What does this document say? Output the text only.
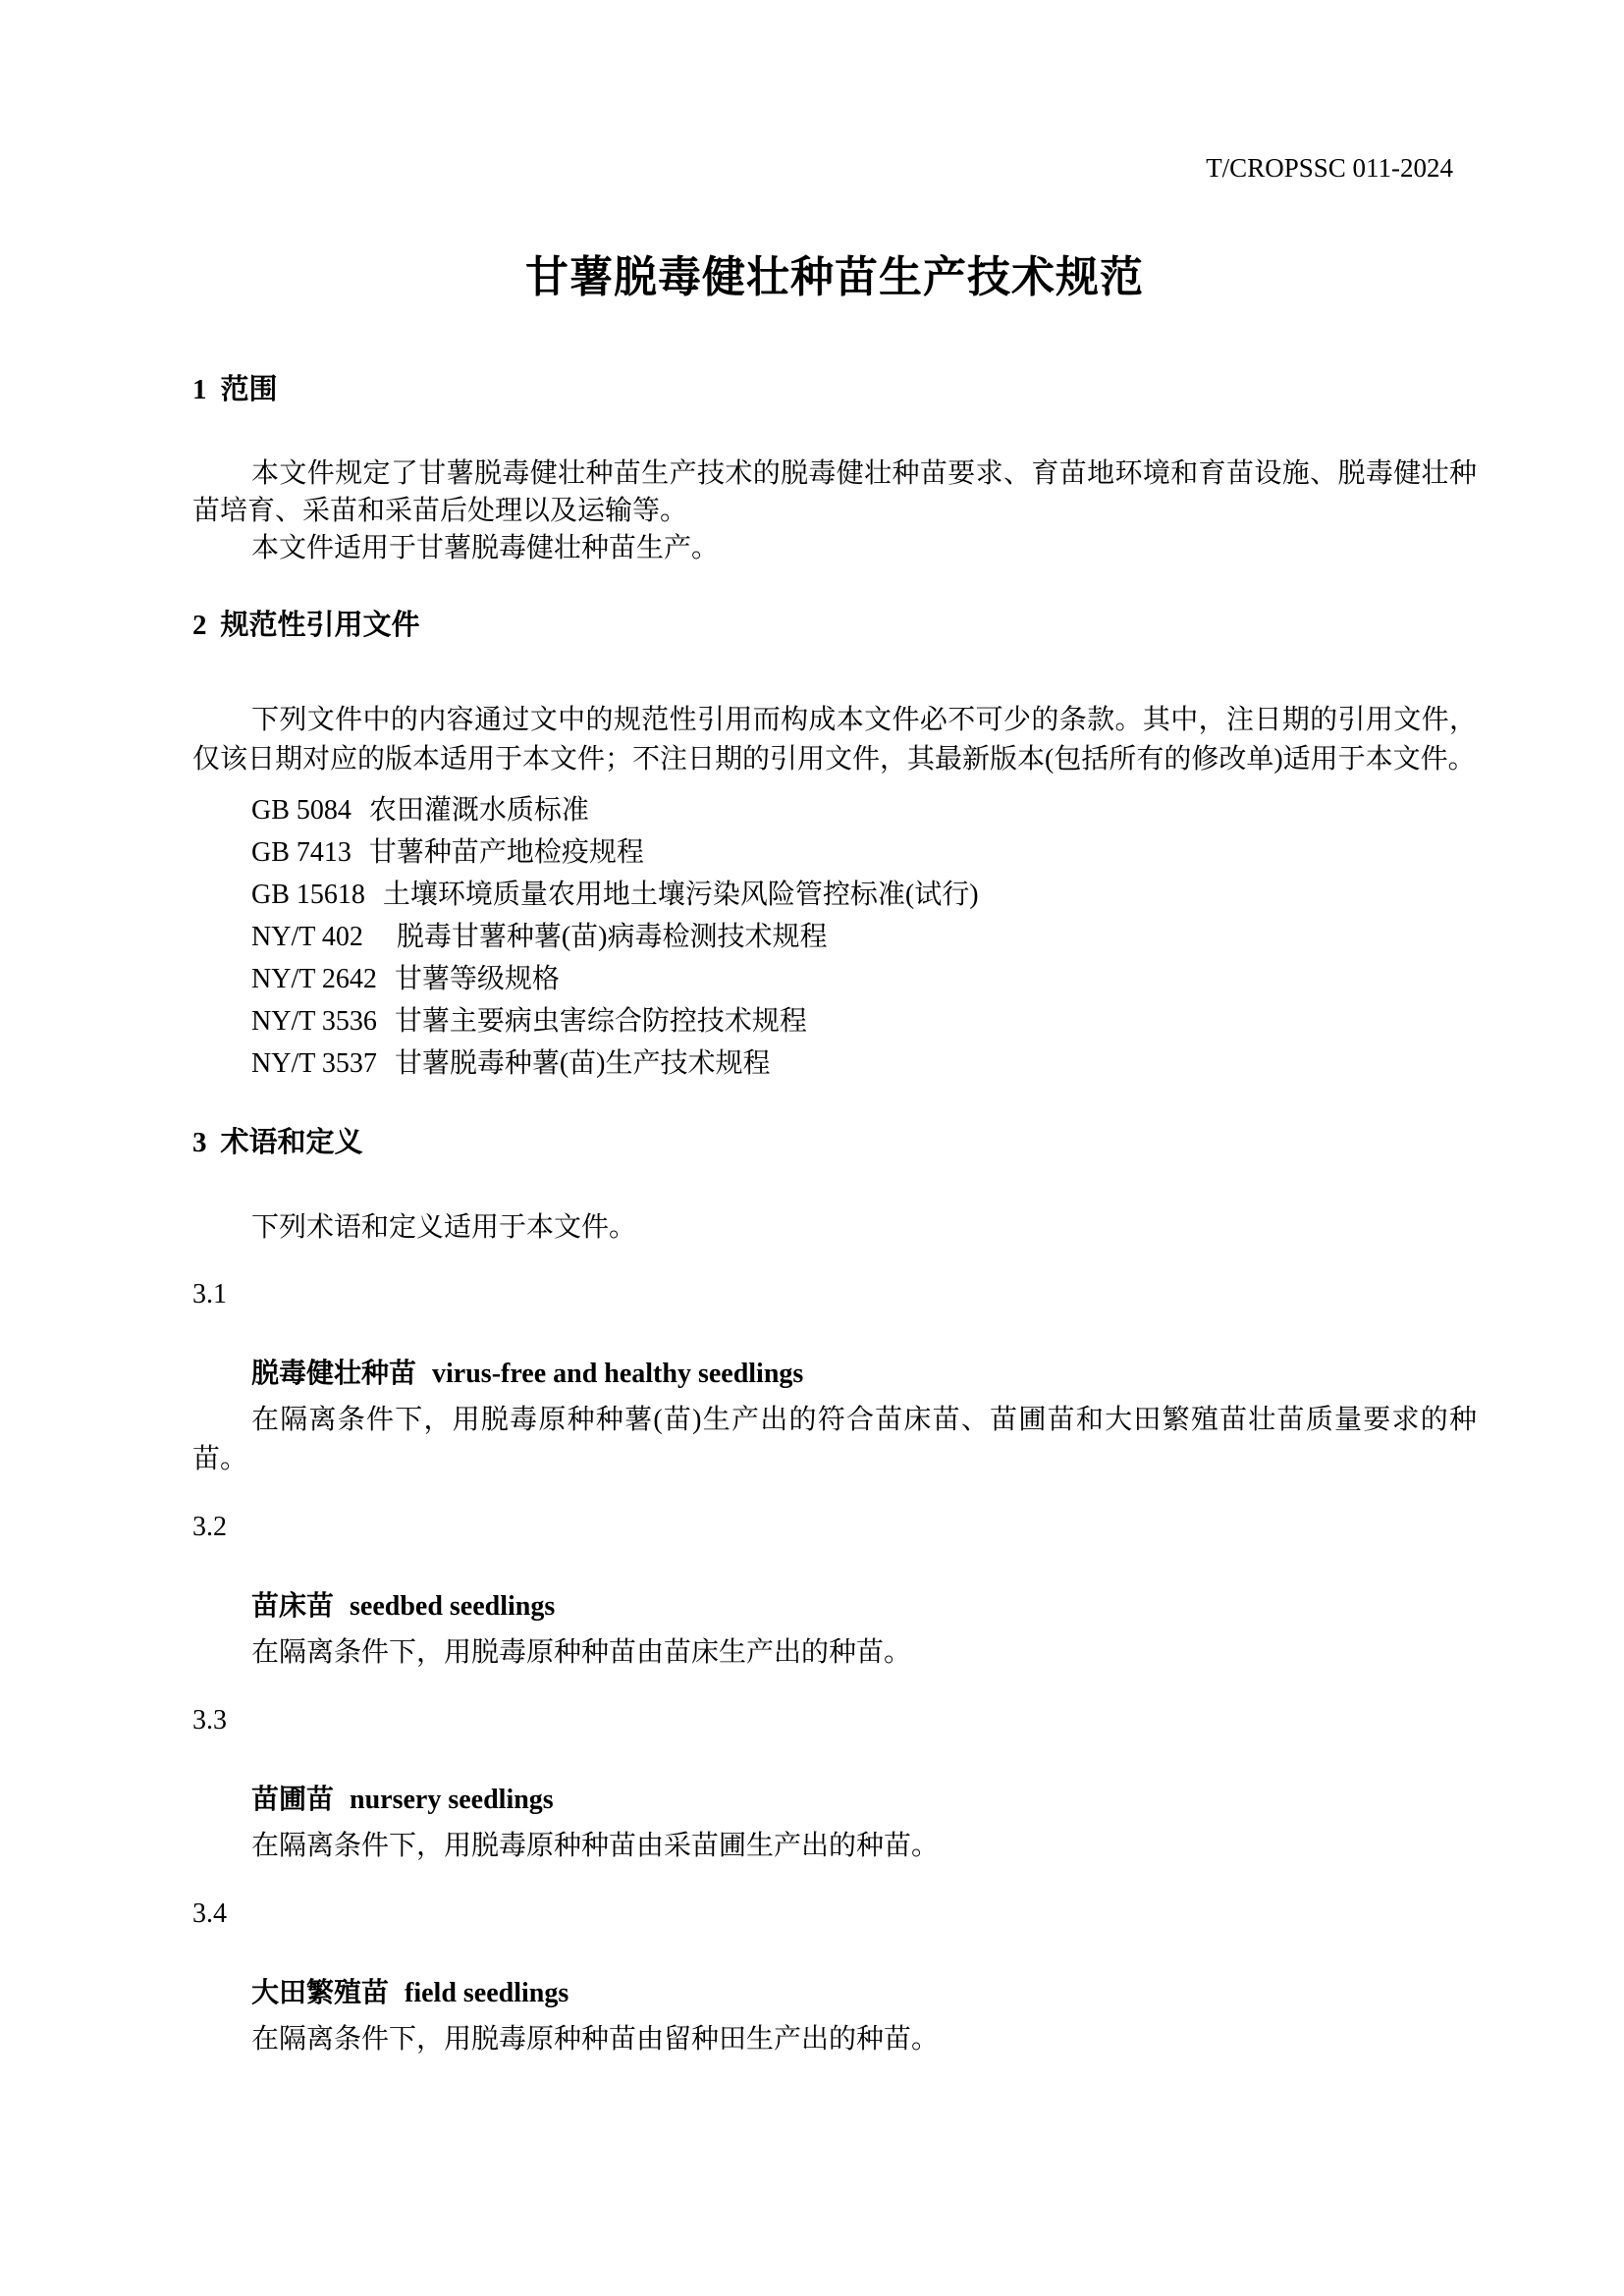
T/CROPSSC 011-2024
甘薯脱毒健壮种苗生产技术规范
1 范围

本文件规定了甘薯脱毒健壮种苗生产技术的脱毒健壮种苗要求、育苗地环境和育苗设施、脱毒健壮种苗培育、采苗和采苗后处理以及运输等。

本文件适用于甘薯脱毒健壮种苗生产。

2 规范性引用文件

下列文件中的内容通过文中的规范性引用而构成本文件必不可少的条款。其中，注日期的引用文件，仅该日期对应的版本适用于本文件；不注日期的引用文件，其最新版本(包括所有的修改单)适用于本文件。

GB 5084 农田灌溉水质标准
GB 7413 甘薯种苗产地检疫规程
GB 15618 土壤环境质量农用地土壤污染风险管控标准(试行)
NY/T 402 脱毒甘薯种薯(苗)病毒检测技术规程
NY/T 2642 甘薯等级规格
NY/T 3536 甘薯主要病虫害综合防控技术规程
NY/T 3537 甘薯脱毒种薯(苗)生产技术规程
3 术语和定义

下列术语和定义适用于本文件。

3.1

脱毒健壮种苗 virus-free and healthy seedlings

在隔离条件下，用脱毒原种种薯(苗)生产出的符合苗床苗、苗圃苗和大田繁殖苗壮苗质量要求的种苗。

3.2

苗床苗 seedbed seedlings

在隔离条件下，用脱毒原种种苗由苗床生产出的种苗。

3.3

苗圃苗 nursery seedlings

在隔离条件下，用脱毒原种种苗由采苗圃生产出的种苗。

3.4

大田繁殖苗 field seedlings

在隔离条件下，用脱毒原种种苗由留种田生产出的种苗。
